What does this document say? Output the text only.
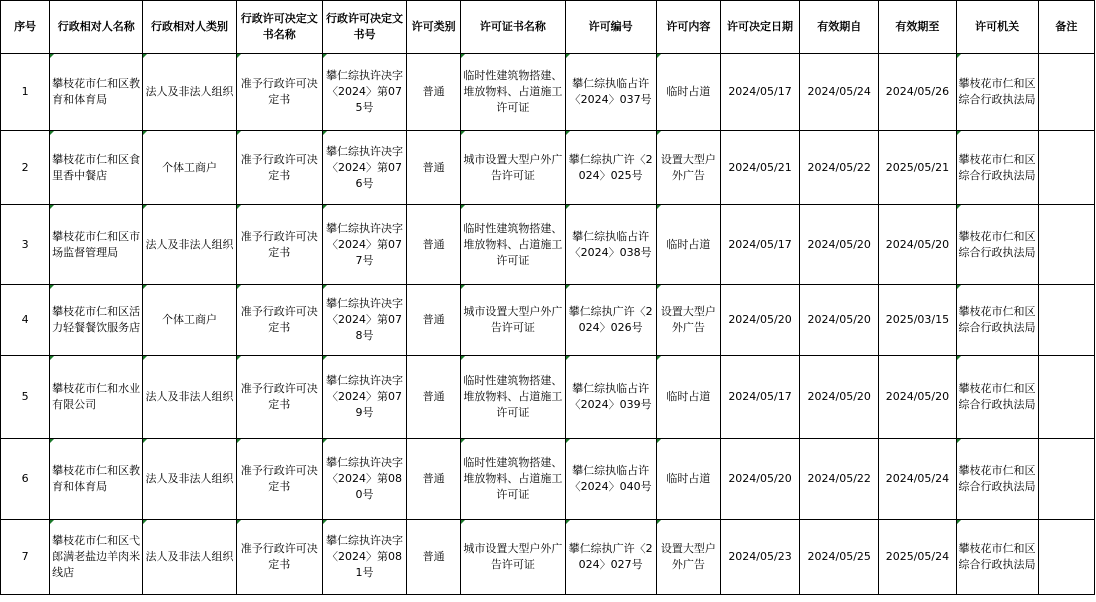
序号	行政相对人名称	行政相对人类别	行政许可决定文书名称	行政许可决定文书号	许可类别	许可证书名称	许可编号	许可内容	许可决定日期	有效期自	有效期至	许可机关	备注
1	攀枝花市仁和区教育和体育局	法人及非法人组织	准予行政许可决定书	攀仁综执许决字〈2024〉第075号	普通	临时性建筑物搭建、堆放物料、占道施工许可证	攀仁综执临占许〈2024〉037号	临时占道	2024/05/17	2024/05/24	2024/05/26	攀枝花市仁和区综合行政执法局	
2	攀枝花市仁和区食里香中餐店	个体工商户	准予行政许可决定书	攀仁综执许决字〈2024〉第076号	普通	城市设置大型户外广告许可证	攀仁综执广许〈2024〉025号	设置大型户外广告	2024/05/21	2024/05/22	2025/05/21	攀枝花市仁和区综合行政执法局	
3	攀枝花市仁和区市场监督管理局	法人及非法人组织	准予行政许可决定书	攀仁综执许决字〈2024〉第077号	普通	临时性建筑物搭建、堆放物料、占道施工许可证	攀仁综执临占许〈2024〉038号	临时占道	2024/05/17	2024/05/20	2024/05/20	攀枝花市仁和区综合行政执法局	
4	攀枝花市仁和区活力轻餐餐饮服务店	个体工商户	准予行政许可决定书	攀仁综执许决字〈2024〉第078号	普通	城市设置大型户外广告许可证	攀仁综执广许〈2024〉026号	设置大型户外广告	2024/05/20	2024/05/20	2025/03/15	攀枝花市仁和区综合行政执法局	
5	攀枝花市仁和水业有限公司	法人及非法人组织	准予行政许可决定书	攀仁综执许决字〈2024〉第079号	普通	临时性建筑物搭建、堆放物料、占道施工许可证	攀仁综执临占许〈2024〉039号	临时占道	2024/05/17	2024/05/20	2024/05/20	攀枝花市仁和区综合行政执法局	
6	攀枝花市仁和区教育和体育局	法人及非法人组织	准予行政许可决定书	攀仁综执许决字〈2024〉第080号	普通	临时性建筑物搭建、堆放物料、占道施工许可证	攀仁综执临占许〈2024〉040号	临时占道	2024/05/20	2024/05/22	2024/05/24	攀枝花市仁和区综合行政执法局	
7	攀枝花市仁和区弋郎满老盐边羊肉米线店	法人及非法人组织	准予行政许可决定书	攀仁综执许决字〈2024〉第081号	普通	城市设置大型户外广告许可证	攀仁综执广许〈2024〉027号	设置大型户外广告	2024/05/23	2024/05/25	2025/05/24	攀枝花市仁和区综合行政执法局	
